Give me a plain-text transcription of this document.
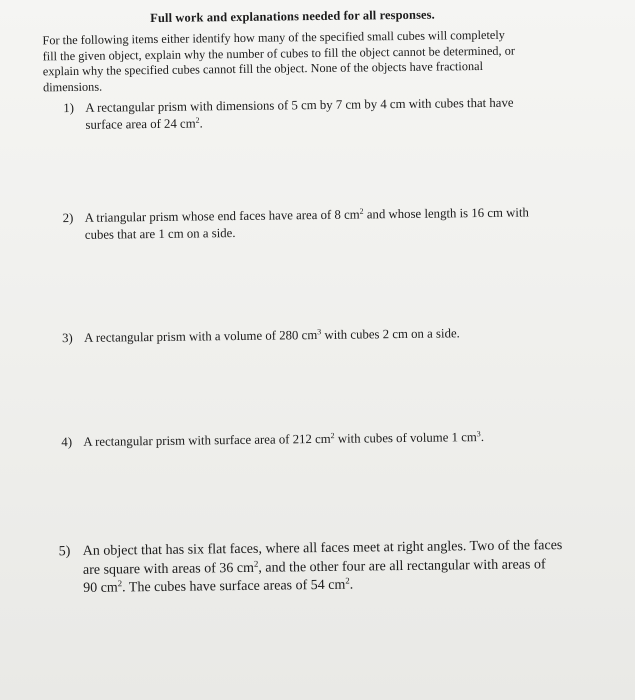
Full work and explanations needed for all responses.
For the following items either identify how many of the specified small cubes will completely
fill the given object, explain why the number of cubes to fill the object cannot be determined, or
explain why the specified cubes cannot fill the object. None of the objects have fractional
dimensions.
1) A rectangular prism with dimensions of 5 cm by 7 cm by 4 cm with cubes that have
surface area of 24 $cm^2$.
2) A triangular prism whose end faces have area of 8 $cm^2$ and whose length is 16 cm with
cubes that are 1 cm on a side.
3) A rectangular prism with a volume of 280 $cm^3$ with cubes 2 cm on a side.
4) A rectangular prism with surface area of 212 $cm^2$ with cubes of volume 1 $cm^3$.
5) An object that has six flat faces, where all faces meet at right angles. Two of the faces
are square with areas of 36 $cm^2$, and the other four are all rectangular with areas of
90 $cm^2$. The cubes have surface areas of 54 $cm^2$.
